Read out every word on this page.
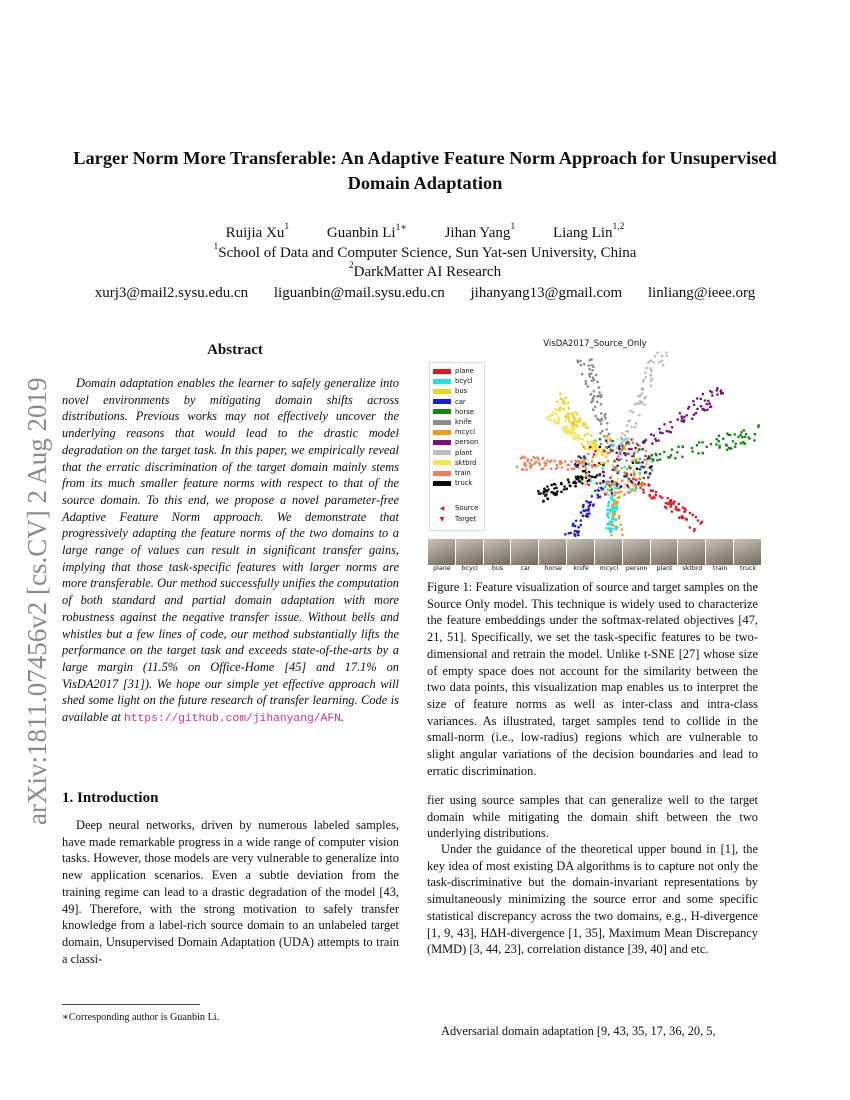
arXiv:1811.07456v2 [cs.CV] 2 Aug 2019
Larger Norm More Transferable: An Adaptive Feature Norm Approach for Unsupervised Domain Adaptation
Ruijia Xu$^1$	Guanbin $Li^{1∗}$	Jihan Yang$^1$	Liang Lin$^{1,2}$
$^1$School of Data and Computer Science, Sun Yat-sen University, China
$^2$DarkMatter AI Research
xurj3@mail2.sysu.edu.cn liguanbin@mail.sysu.edu.cn jihanyang13@gmail.com linliang@ieee.org
Abstract
Domain adaptation enables the learner to safely generalize into novel environments by mitigating domain shifts across distributions. Previous works may not effectively uncover the underlying reasons that would lead to the drastic model degradation on the target task. In this paper, we empirically reveal that the erratic discrimination of the target domain mainly stems from its much smaller feature norms with respect to that of the source domain. To this end, we propose a novel parameter-free Adaptive Feature Norm approach. We demonstrate that progressively adapting the feature norms of the two domains to a large range of values can result in significant transfer gains, implying that those task-specific features with larger norms are more transferable. Our method successfully unifies the computation of both standard and partial domain adaptation with more robustness against the negative transfer issue. Without bells and whistles but a few lines of code, our method substantially lifts the performance on the target task and exceeds state-of-the-arts by a large margin (11.5% on Office-Home [45] and 17.1% on VisDA2017 [31]). We hope our simple yet effective approach will shed some light on the future research of transfer learning. Code is available at https://github.com/jihanyang/AFN.
1. Introduction
Deep neural networks, driven by numerous labeled samples, have made remarkable progress in a wide range of computer vision tasks. However, those models are very vulnerable to generalize into new application scenarios. Even a subtle deviation from the training regime can lead to a drastic degradation of the model [43, 49]. Therefore, with the strong motivation to safely transfer knowledge from a label-rich source domain to an unlabeled target domain, Unsupervised Domain Adaptation (UDA) attempts to train a classi-
∗Corresponding author is Guanbin Li.
VisDA2017_Source_Only
plane
bcycl
bus
car
horse
knife
mcycl
person
plant
sktbrd
train
truck
◀ Source
▼ Target
plane	bcycl	bus	car	horse	knife	mcycl	person	plant	sktbrd	train	truck
Figure 1: Feature visualization of source and target samples on the Source Only model. This technique is widely used to characterize the feature embeddings under the softmax-related objectives [47, 21, 51]. Specifically, we set the task-specific features to be two-dimensional and retrain the model. Unlike t-SNE [27] whose size of empty space does not account for the similarity between the two data points, this visualization map enables us to interpret the size of feature norms as well as inter-class and intra-class variances. As illustrated, target samples tend to collide in the small-norm (i.e., low-radius) regions which are vulnerable to slight angular variations of the decision boundaries and lead to erratic discrimination.
fier using source samples that can generalize well to the target domain while mitigating the domain shift between the two underlying distributions.
Under the guidance of the theoretical upper bound in [1], the key idea of most existing DA algorithms is to capture not only the task-discriminative but the domain-invariant representations by simultaneously minimizing the source error and some specific statistical discrepancy across the two domains, e.g., H-divergence [1, 9, 43], HΔH-divergence [1, 35], Maximum Mean Discrepancy (MMD) [3, 44, 23], correlation distance [39, 40] and etc.
Adversarial domain adaptation [9, 43, 35, 17, 36, 20, 5,
